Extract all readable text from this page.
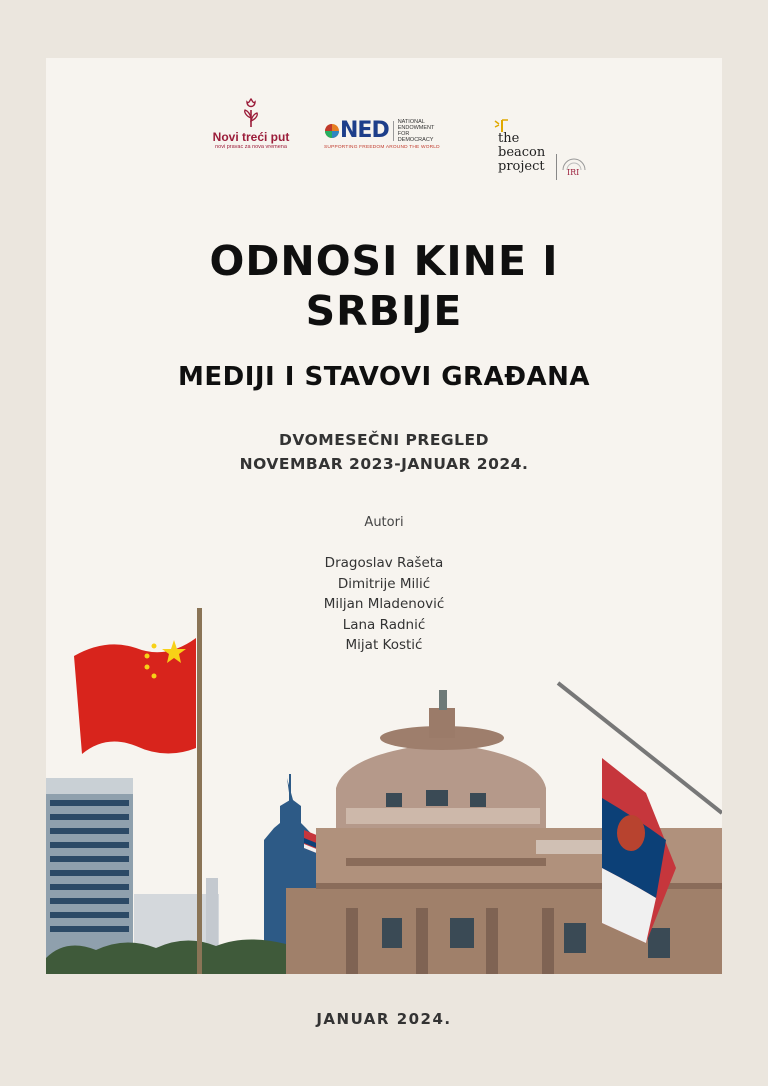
Novi treći put
novi pravac za nova vremena
NED NATIONAL ENDOWMENT FOR DEMOCRACY
SUPPORTING FREEDOM AROUND THE WORLD
the beacon project	IRI
ODNOSI KINE I
SRBIJE
MEDIJI I STAVOVI GRAĐANA
DVOMESEČNI PREGLED
NOVEMBAR 2023-JANUAR 2024.
Autori
Dragoslav Rašeta
Dimitrije Milić
Miljan Mladenović
Lana Radnić
Mijat Kostić
JANUAR 2024.
